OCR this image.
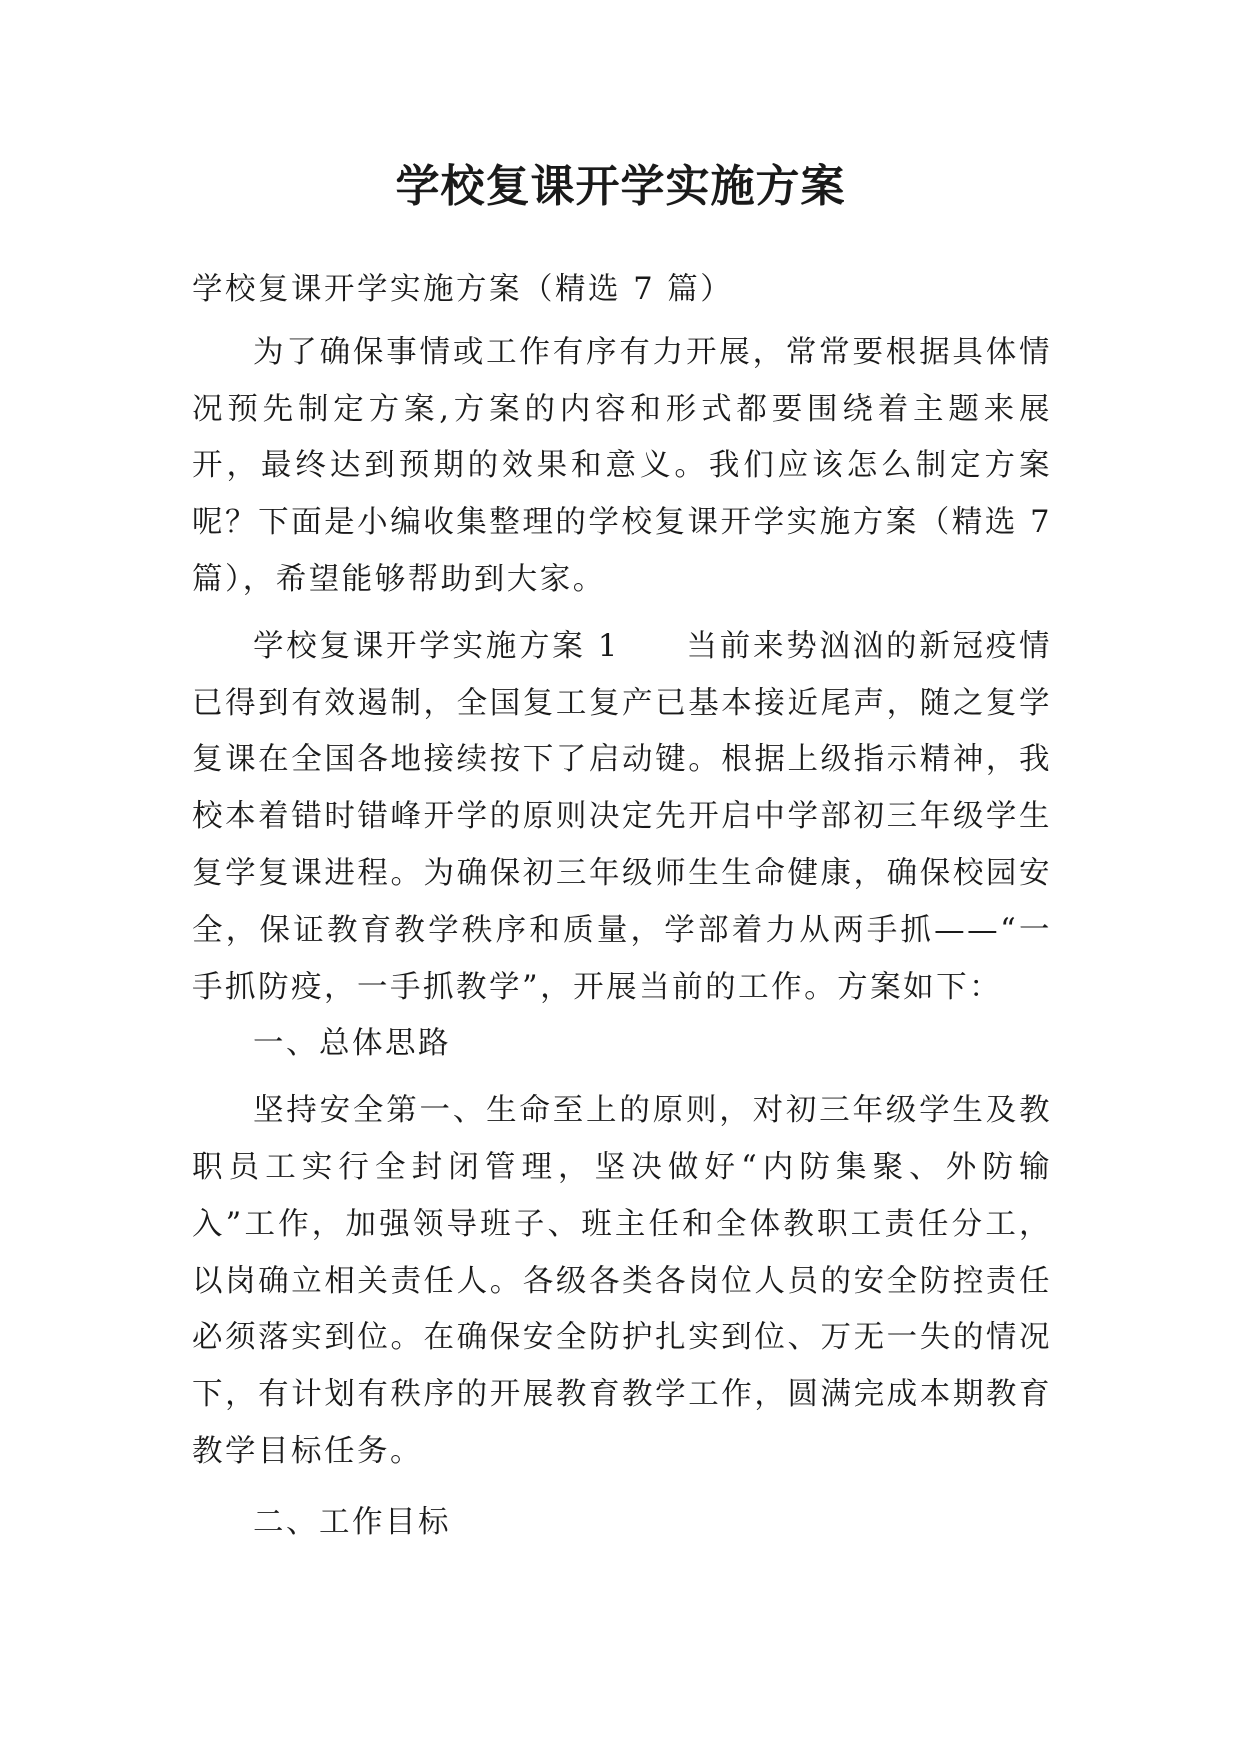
学校复课开学实施方案

学校复课开学实施方案（精选 7 篇）

为了确保事情或工作有序有力开展，常常要根据具体情况预先制定方案,方案的内容和形式都要围绕着主题来展开，最终达到预期的效果和意义。我们应该怎么制定方案呢？下面是小编收集整理的学校复课开学实施方案（精选 7 篇），希望能够帮助到大家。

学校复课开学实施方案 1　　当前来势汹汹的新冠疫情已得到有效遏制，全国复工复产已基本接近尾声，随之复学复课在全国各地接续按下了启动键。根据上级指示精神，我校本着错时错峰开学的原则决定先开启中学部初三年级学生复学复课进程。为确保初三年级师生生命健康，确保校园安全，保证教育教学秩序和质量，学部着力从两手抓——“一手抓防疫，一手抓教学”，开展当前的工作。方案如下：

一、总体思路

坚持安全第一、生命至上的原则，对初三年级学生及教职员工实行全封闭管理，坚决做好“内防集聚、外防输入”工作，加强领导班子、班主任和全体教职工责任分工，以岗确立相关责任人。各级各类各岗位人员的安全防控责任必须落实到位。在确保安全防护扎实到位、万无一失的情况下，有计划有秩序的开展教育教学工作，圆满完成本期教育教学目标任务。

二、工作目标
